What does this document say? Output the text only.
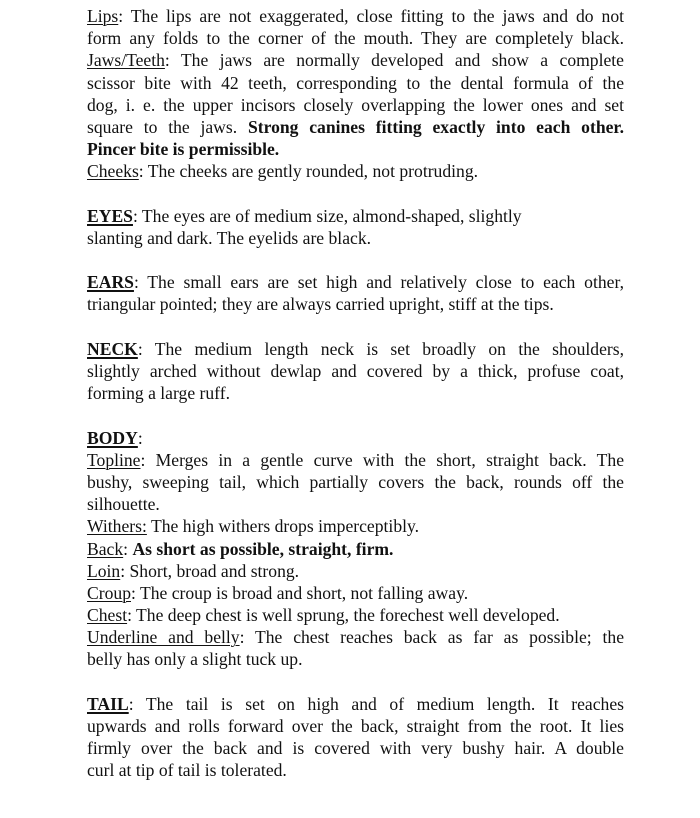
Lips: The lips are not exaggerated, close fitting to the jaws and do not
form any folds to the corner of the mouth. They are completely black.
Jaws/Teeth: The jaws are normally developed and show a complete
scissor bite with 42 teeth, corresponding to the dental formula of the
dog, i. e. the upper incisors closely overlapping the lower ones and set
square to the jaws. Strong canines fitting exactly into each other.
Pincer bite is permissible.
Cheeks: The cheeks are gently rounded, not protruding.
EYES: The eyes are of medium size, almond-shaped, slightly
slanting and dark. The eyelids are black.
EARS: The small ears are set high and relatively close to each other,
triangular pointed; they are always carried upright, stiff at the tips.
NECK: The medium length neck is set broadly on the shoulders,
slightly arched without dewlap and covered by a thick, profuse coat,
forming a large ruff.
BODY:
Topline: Merges in a gentle curve with the short, straight back. The
bushy, sweeping tail, which partially covers the back, rounds off the
silhouette.
Withers: The high withers drops imperceptibly.
Back: As short as possible, straight, firm.
Loin: Short, broad and strong.
Croup: The croup is broad and short, not falling away.
Chest: The deep chest is well sprung, the forechest well developed.
Underline and belly: The chest reaches back as far as possible; the
belly has only a slight tuck up.
TAIL: The tail is set on high and of medium length. It reaches
upwards and rolls forward over the back, straight from the root. It lies
firmly over the back and is covered with very bushy hair. A double
curl at tip of tail is tolerated.
